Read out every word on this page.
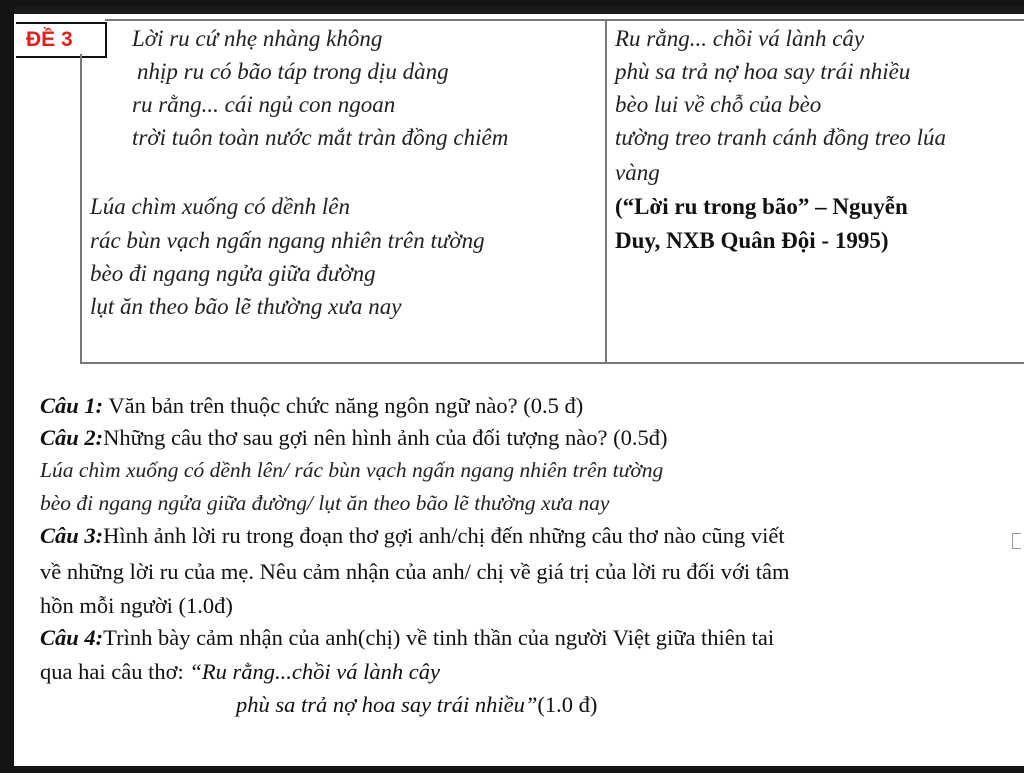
ĐỀ 3	Lời ru cứ nhẹ nhàng không
nhịp ru có bão táp trong dịu dàng
ru rằng... cái ngủ con ngoan
trời tuôn toàn nước mắt tràn đồng chiêm
Lúa chìm xuống có dềnh lên
rác bùn vạch ngấn ngang nhiên trên tường
bèo đi ngang ngửa giữa đường
lụt ăn theo bão lẽ thường xưa nay
Ru rằng... chồi vá lành cây
phù sa trả nợ hoa say trái nhiều
bèo lui về chỗ của bèo
tường treo tranh cánh đồng treo lúa
vàng
(“Lời ru trong bão” – Nguyễn
Duy, NXB Quân Đội - 1995)
Câu 1: Văn bản trên thuộc chức năng ngôn ngữ nào? (0.5 đ)
Câu 2:Những câu thơ sau gợi nên hình ảnh của đối tượng nào? (0.5đ)
Lúa chìm xuống có dềnh lên/ rác bùn vạch ngấn ngang nhiên trên tường
bèo đi ngang ngửa giữa đường/ lụt ăn theo bão lẽ thường xưa nay
Câu 3:Hình ảnh lời ru trong đoạn thơ gợi anh/chị đến những câu thơ nào cũng viết
về những lời ru của mẹ. Nêu cảm nhận của anh/ chị về giá trị của lời ru đối với tâm
hồn mỗi người (1.0đ)
Câu 4:Trình bày cảm nhận của anh(chị) về tinh thần của người Việt giữa thiên tai
qua hai câu thơ: “Ru rằng...chồi vá lành cây
phù sa trả nợ hoa say trái nhiều”(1.0 đ)
